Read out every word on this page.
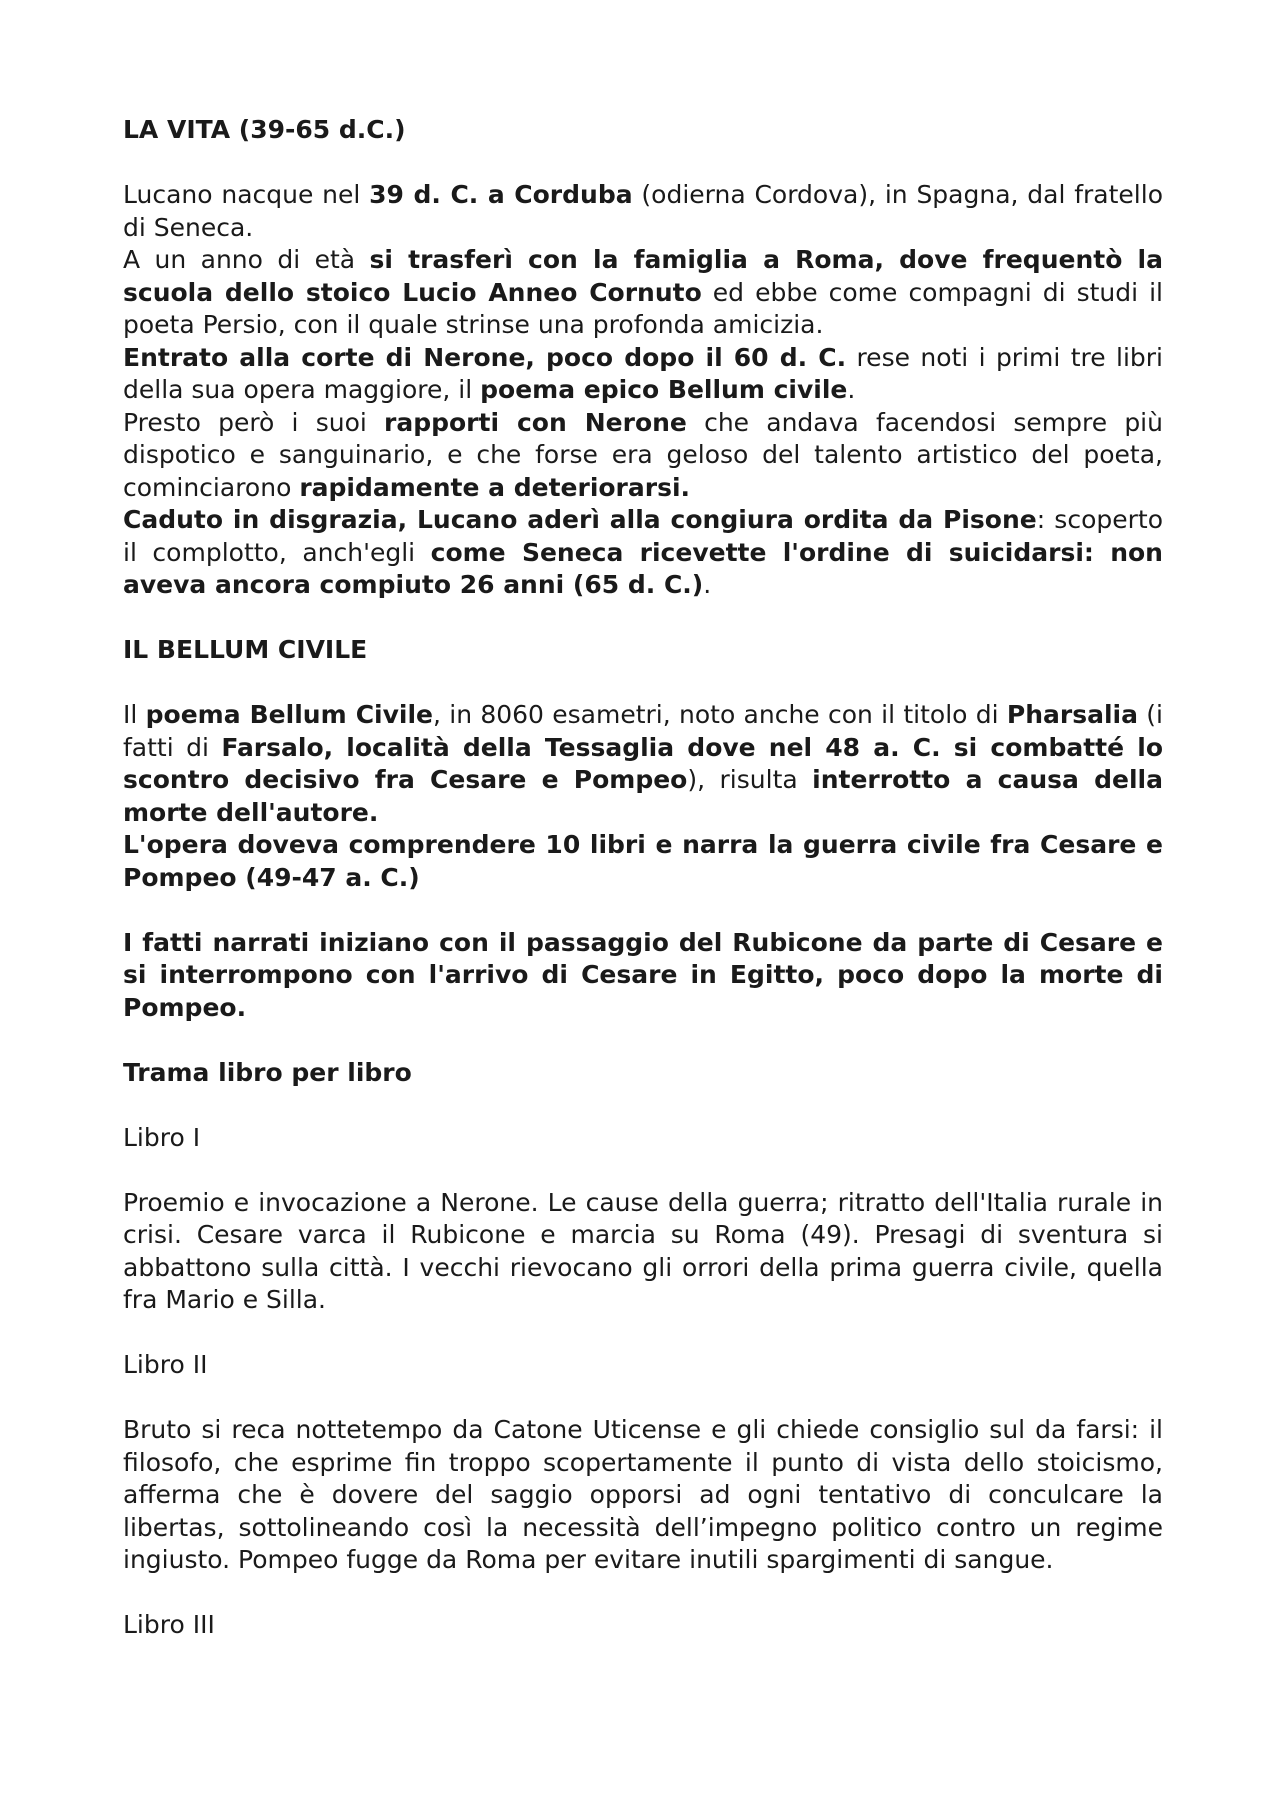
LA VITA (39-65 d.C.)

Lucano nacque nel 39 d. C. a Corduba (odierna Cordova), in Spagna, dal fratello di Seneca.

A un anno di età si trasferì con la famiglia a Roma, dove frequentò la scuola dello stoico Lucio Anneo Cornuto ed ebbe come compagni di studi il poeta Persio, con il quale strinse una profonda amicizia.

Entrato alla corte di Nerone, poco dopo il 60 d. C. rese noti i primi tre libri della sua opera maggiore, il poema epico Bellum civile.

Presto però i suoi rapporti con Nerone che andava facendosi sempre più dispotico e sanguinario, e che forse era geloso del talento artistico del poeta, cominciarono rapidamente a deteriorarsi.

Caduto in disgrazia, Lucano aderì alla congiura ordita da Pisone: scoperto il complotto, anch'egli come Seneca ricevette l'ordine di suicidarsi: non aveva ancora compiuto 26 anni (65 d. C.).

IL BELLUM CIVILE

Il poema Bellum Civile, in 8060 esametri, noto anche con il titolo di Pharsalia (i fatti di Farsalo, località della Tessaglia dove nel 48 a. C. si combatté lo scontro decisivo fra Cesare e Pompeo), risulta interrotto a causa della morte dell'autore.

L'opera doveva comprendere 10 libri e narra la guerra civile fra Cesare e Pompeo (49-47 a. C.)

I fatti narrati iniziano con il passaggio del Rubicone da parte di Cesare e si interrompono con l'arrivo di Cesare in Egitto, poco dopo la morte di Pompeo.

Trama libro per libro

Libro I

Proemio e invocazione a Nerone. Le cause della guerra; ritratto dell'Italia rurale in crisi. Cesare varca il Rubicone e marcia su Roma (49). Presagi di sventura si abbattono sulla città. I vecchi rievocano gli orrori della prima guerra civile, quella fra Mario e Silla.

Libro II

Bruto si reca nottetempo da Catone Uticense e gli chiede consiglio sul da farsi: il filosofo, che esprime fin troppo scopertamente il punto di vista dello stoicismo, afferma che è dovere del saggio opporsi ad ogni tentativo di conculcare la libertas, sottolineando così la necessità dell’impegno politico contro un regime ingiusto. Pompeo fugge da Roma per evitare inutili spargimenti di sangue.

Libro III
